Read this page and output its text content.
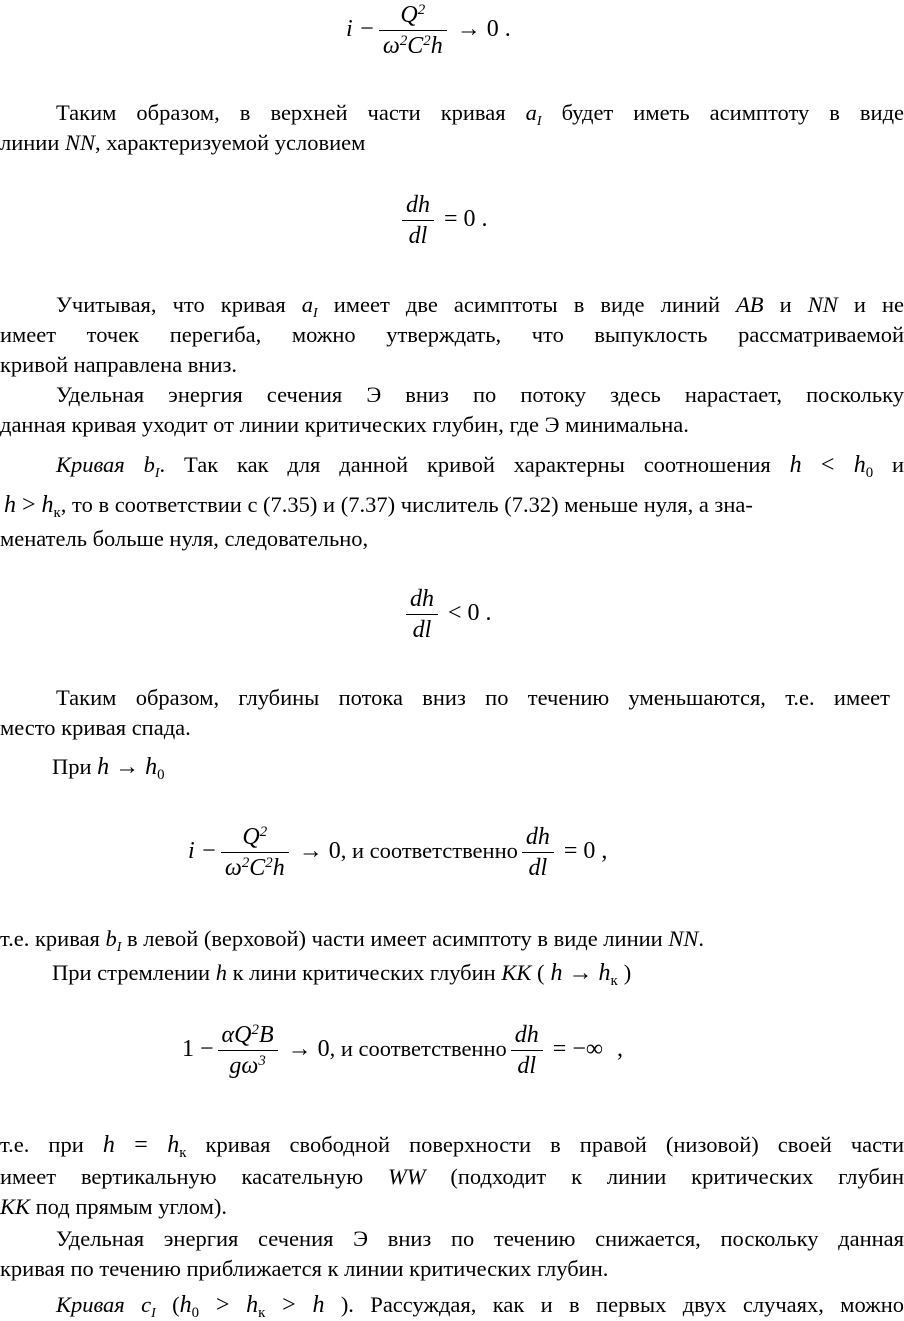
$i - \frac{Q^2}{\omega^2C^2h} \to 0$ .
Таким образом, в верхней части кривая $a_I$ будет иметь асимптоту в виде
линии NN, характеризуемой условием
$\frac{dh}{dl} = 0$ .
Учитывая, что кривая $a_I$ имеет две асимптоты в виде линий AB и NN и не
имеет точек перегиба, можно утверждать, что выпуклость рассматриваемой
кривой направлена вниз.
Удельная энергия сечения Э вниз по потоку здесь нарастает, поскольку
данная кривая уходит от линии критических глубин, где Э минимальна.
Кривая $b_I$. Так как для данной кривой характерны соотношения $h < h_0$ и
$h > h_к$, то в соответствии с (7.35) и (7.37) числитель (7.32) меньше нуля, а зна-
менатель больше нуля, следовательно,
$\frac{dh}{dl} < 0$ .
Таким образом, глубины потока вниз по течению уменьшаются, т.е. имеет
место кривая спада.
При $h \to h_0$
$i - \frac{Q^2}{\omega^2C^2h} \to 0$, и соответственно $\frac{dh}{dl} = 0$ ,
т.е. кривая $b_I$ в левой (верховой) части имеет асимптоту в виде линии NN.
При стремлении h к лини критических глубин KK ( $h \to h_к$ )
$1 - \frac{\alpha Q^2B}{g\omega^3} \to 0$, и соответственно $\frac{dh}{dl}$ = −∞ ,
т.е. при $h = h_к$ кривая свободной поверхности в правой (низовой) своей части
имеет вертикальную касательную WW (подходит к линии критических глубин
KK под прямым углом).
Удельная энергия сечения Э вниз по течению снижается, поскольку данная
кривая по течению приближается к линии критических глубин.
Кривая $c_I$ ($h_0 > h_к > h$ ). Рассуждая, как и в первых двух случаях, можно
